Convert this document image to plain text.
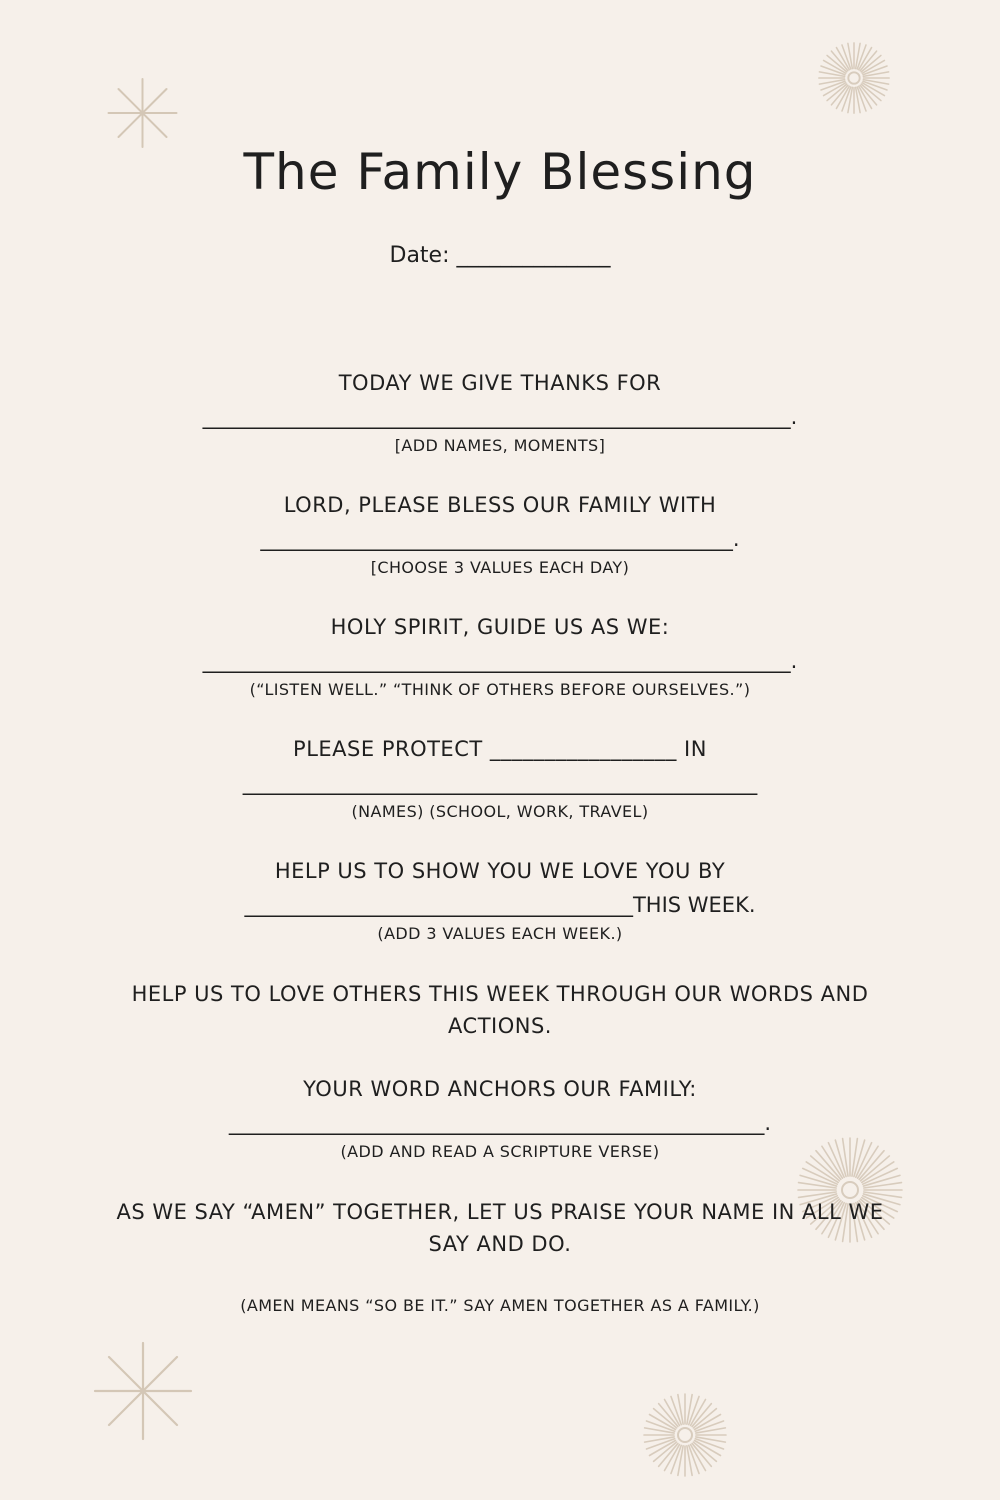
The Family Blessing
Date: ______________
TODAY WE GIVE THANKS FOR
________________________________________________________.
[ADD NAMES, MOMENTS]
LORD, PLEASE BLESS OUR FAMILY WITH
_____________________________________________.
[CHOOSE 3 VALUES EACH DAY)
HOLY SPIRIT, GUIDE US AS WE:
________________________________________________________.
(“LISTEN WELL.” “THINK OF OTHERS BEFORE OURSELVES.”)
PLEASE PROTECT _________________ IN
_________________________________________________
(NAMES) (SCHOOL, WORK, TRAVEL)
HELP US TO SHOW YOU WE LOVE YOU BY
_____________________________________THIS WEEK.
(ADD 3 VALUES EACH WEEK.)
HELP US TO LOVE OTHERS THIS WEEK THROUGH OUR WORDS AND
ACTIONS.
YOUR WORD ANCHORS OUR FAMILY:
___________________________________________________.
(ADD AND READ A SCRIPTURE VERSE)
AS WE SAY “AMEN” TOGETHER, LET US PRAISE YOUR NAME IN ALL WE
SAY AND DO.
(AMEN MEANS “SO BE IT.” SAY AMEN TOGETHER AS A FAMILY.)
